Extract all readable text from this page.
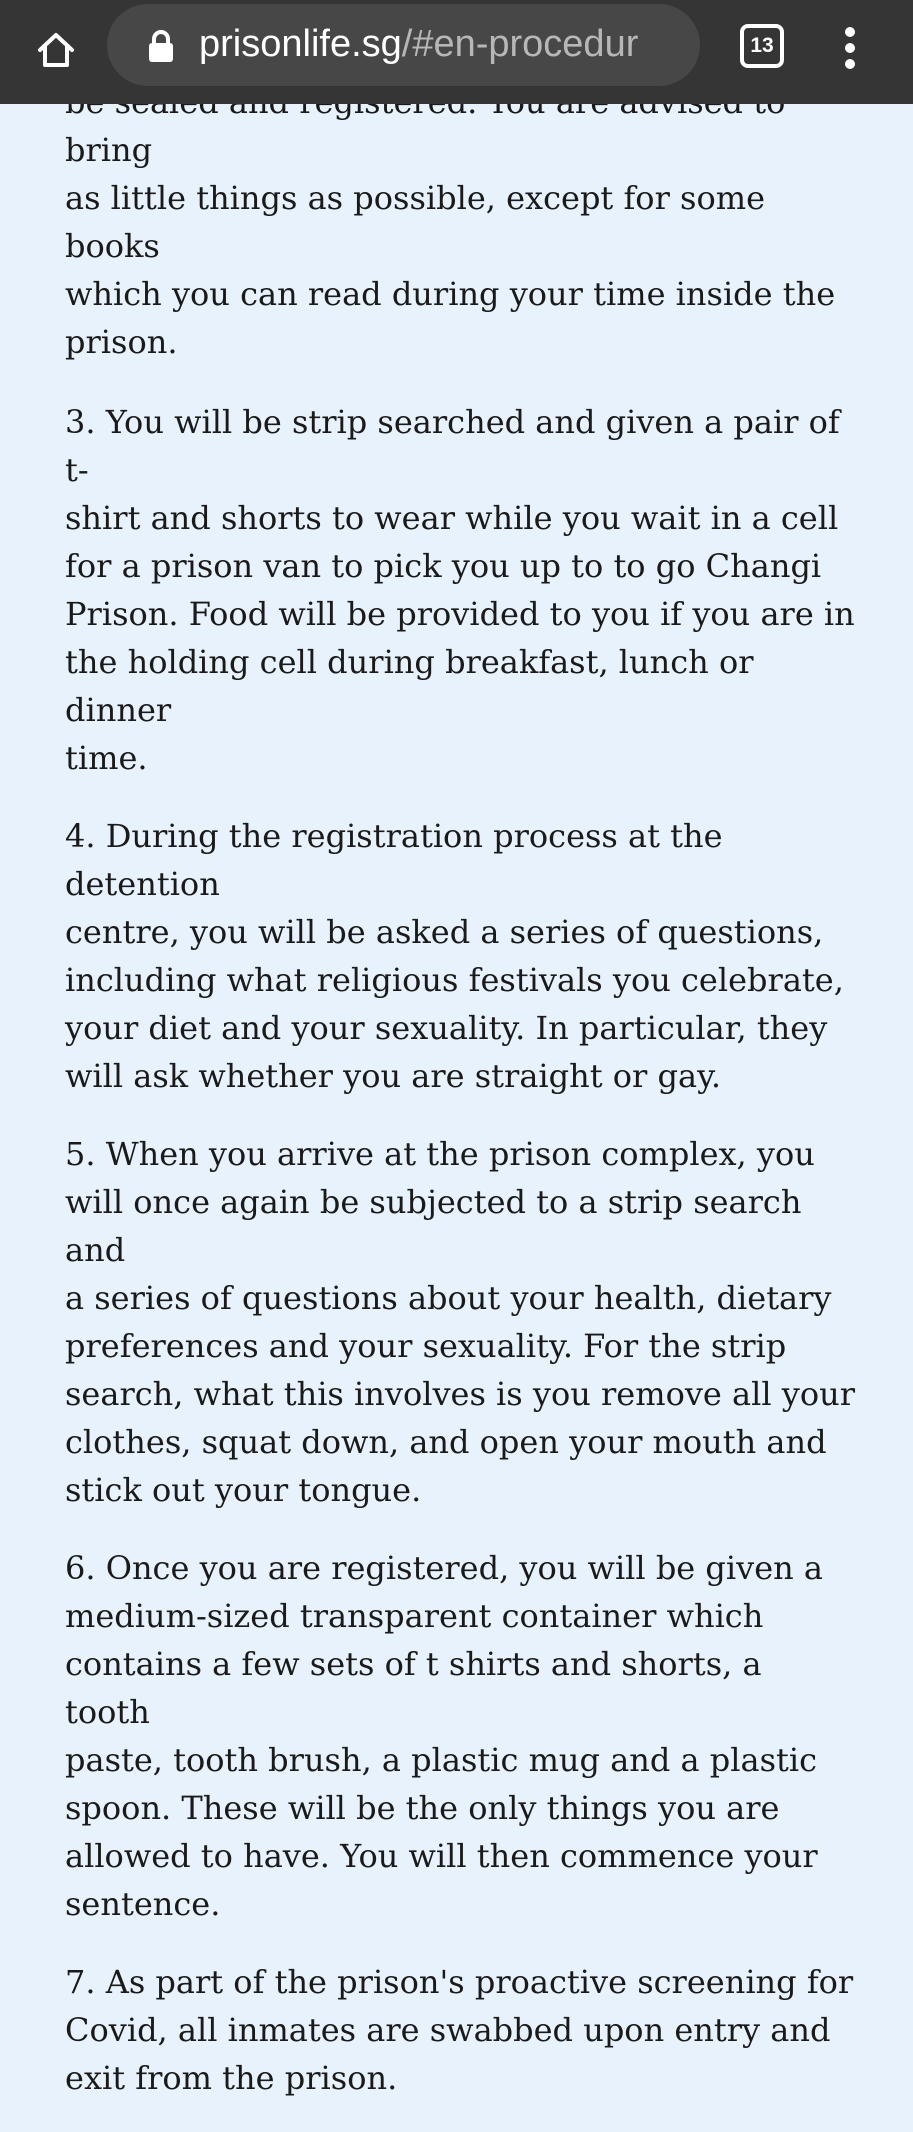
bring
as little things as possible, except for some books
which you can read during your time inside the
prison.

3. You will be strip searched and given a pair of t-
shirt and shorts to wear while you wait in a cell
for a prison van to pick you up to to go Changi
Prison. Food will be provided to you if you are in
the holding cell during breakfast, lunch or dinner
time.

4. During the registration process at the detention
centre, you will be asked a series of questions,
including what religious festivals you celebrate,
your diet and your sexuality. In particular, they
will ask whether you are straight or gay.

5. When you arrive at the prison complex, you
will once again be subjected to a strip search and
a series of questions about your health, dietary
preferences and your sexuality. For the strip
search, what this involves is you remove all your
clothes, squat down, and open your mouth and
stick out your tongue.

6. Once you are registered, you will be given a
medium-sized transparent container which
contains a few sets of t shirts and shorts, a tooth
paste, tooth brush, a plastic mug and a plastic
spoon. These will be the only things you are
allowed to have. You will then commence your
sentence.

7. As part of the prison's proactive screening for
Covid, all inmates are swabbed upon entry and
exit from the prison.

prisonlife.sg/#en-procedur	13
